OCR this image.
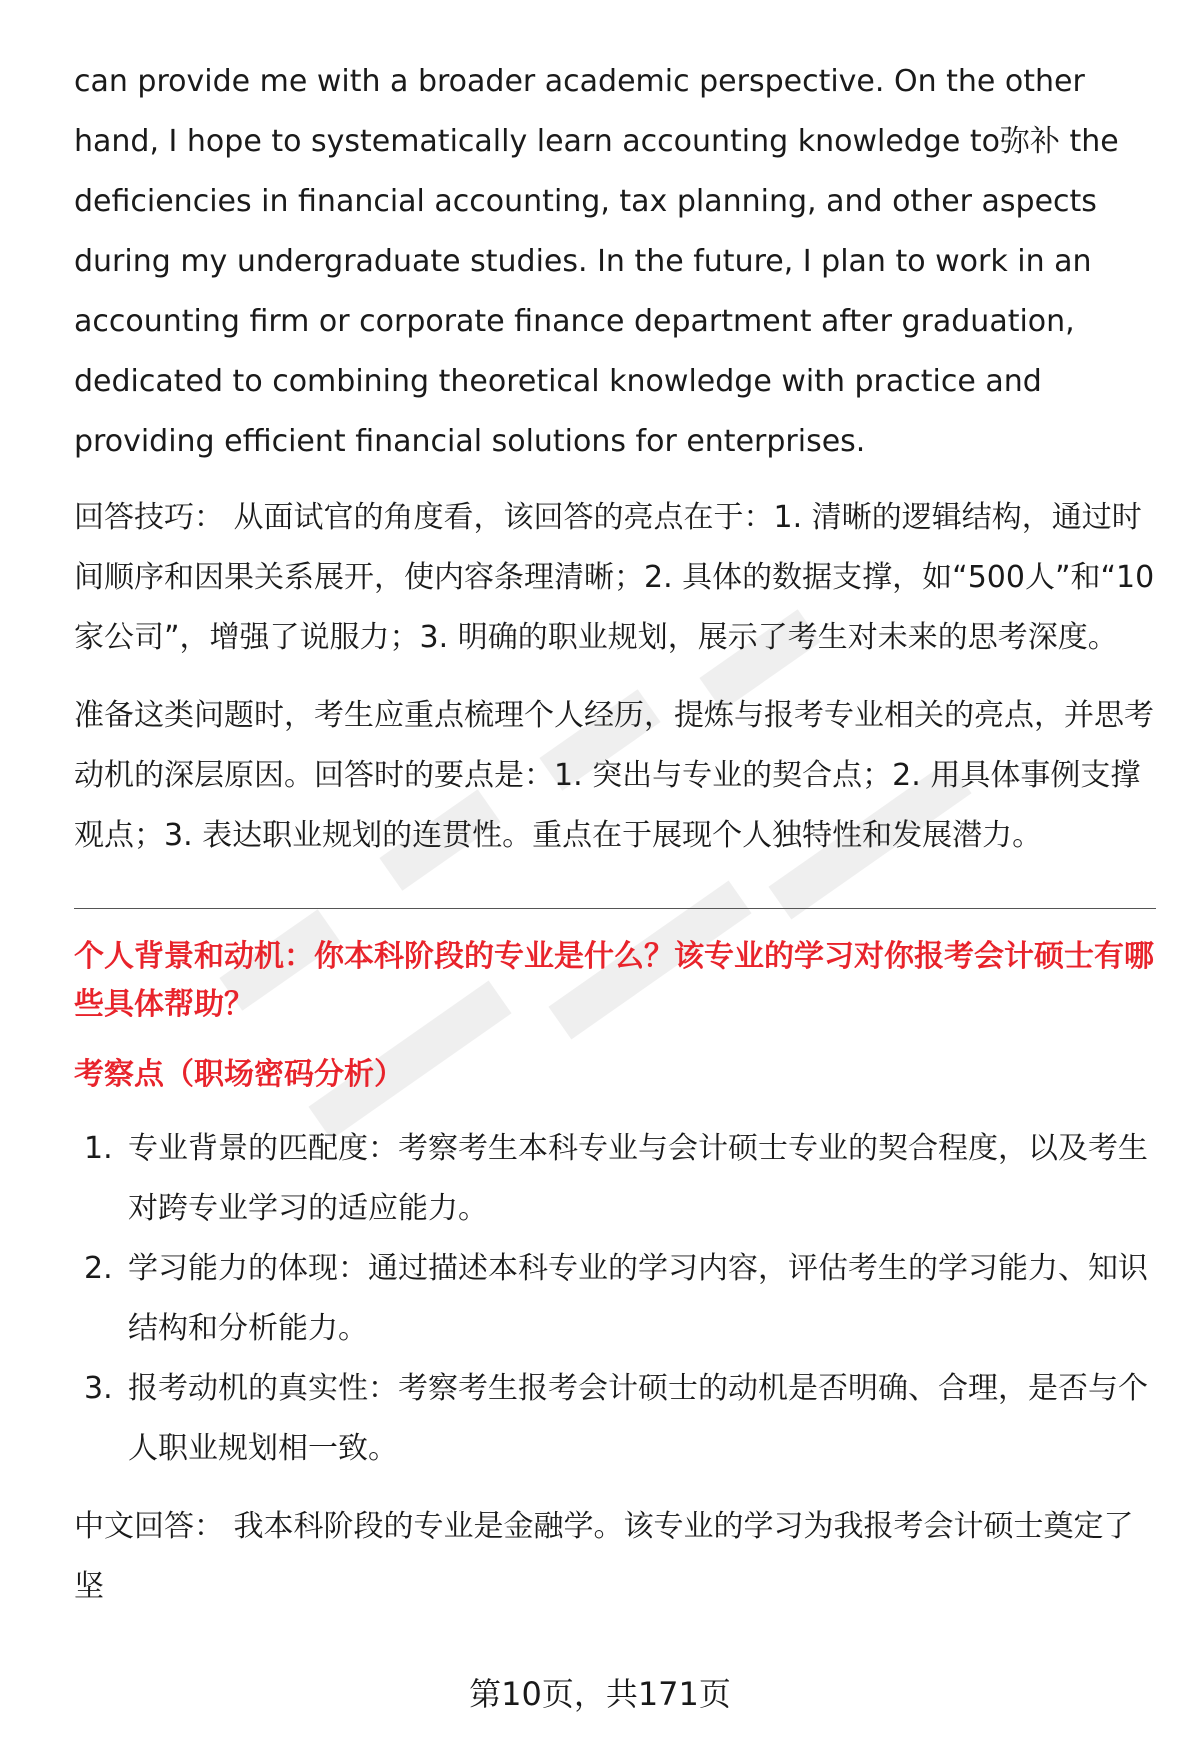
can provide me with a broader academic perspective. On the other hand, I hope to systematically learn accounting knowledge to弥补 the deficiencies in financial accounting, tax planning, and other aspects during my undergraduate studies. In the future, I plan to work in an accounting firm or corporate finance department after graduation, dedicated to combining theoretical knowledge with practice and providing efficient financial solutions for enterprises.

回答技巧： 从面试官的角度看，该回答的亮点在于：1. 清晰的逻辑结构，通过时间顺序和因果关系展开，使内容条理清晰；2. 具体的数据支撑，如“500人”和“10家公司”，增强了说服力；3. 明确的职业规划，展示了考生对未来的思考深度。

准备这类问题时，考生应重点梳理个人经历，提炼与报考专业相关的亮点，并思考动机的深层原因。回答时的要点是：1. 突出与专业的契合点；2. 用具体事例支撑观点；3. 表达职业规划的连贯性。重点在于展现个人独特性和发展潜力。

个人背景和动机：你本科阶段的专业是什么？该专业的学习对你报考会计硕士有哪些具体帮助？

考察点（职场密码分析）

1. 专业背景的匹配度：考察考生本科专业与会计硕士专业的契合程度，以及考生对跨专业学习的适应能力。
2. 学习能力的体现：通过描述本科专业的学习内容，评估考生的学习能力、知识结构和分析能力。
3. 报考动机的真实性：考察考生报考会计硕士的动机是否明确、合理，是否与个人职业规划相一致。

中文回答： 我本科阶段的专业是金融学。该专业的学习为我报考会计硕士奠定了坚

第10页，共171页
